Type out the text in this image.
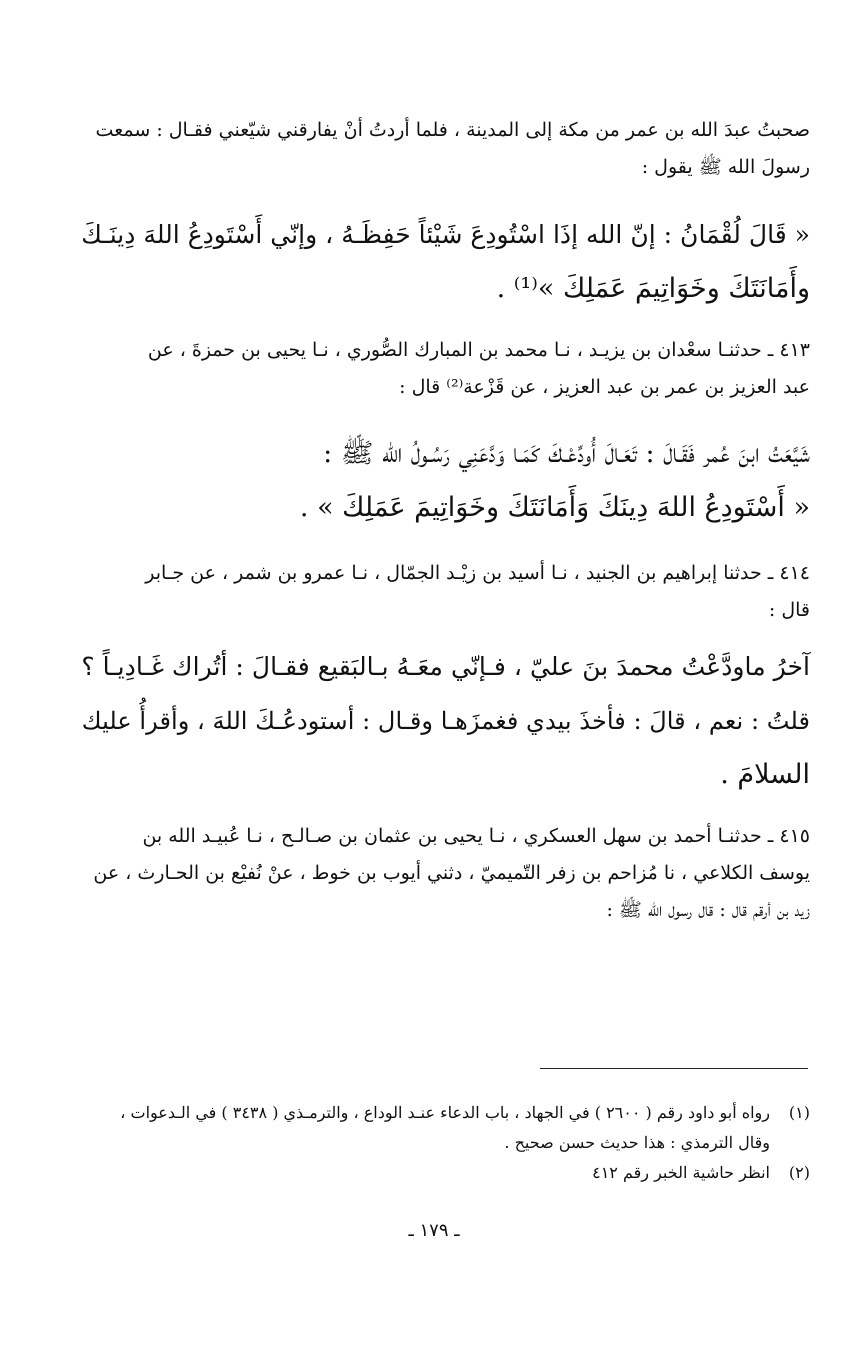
صحبتُ عبدَ الله بن عمر من مكة إلى المدينة ، فلما أردتُ أنْ يفارقني شيّعني فقـال : سمعت
رسولَ الله ﷺ يقول :
« قَالَ لُقْمَانُ : إنّ الله إذَا اسْتُودِعَ شَيْئاً حَفِظَـهُ ، وإنّي أَسْتَودِعُ اللهَ دِينَـكَ
وأَمَانَتَكَ وخَوَاتِيمَ عَمَلِكَ »⁽¹⁾ .
٤١٣ ـ حدثنـا سعْدان بن يزيـد ، نـا محمد بن المبارك الصُّوري ، نـا يحيى بن حمزةَ ، عن
عبد العزيز بن عمر بن عبد العزيز ، عن قَزْعة⁽²⁾ قال :
شَيَّعَتُ ابنَ عُمر فَقَـالَ : تَعَـالَ أُودِّعْـكَ كَمَـا وَدَّعَنِي رَسُـولُ الله ﷺ :
« أَسْتَودِعُ اللهَ دِينَكَ وَأَمَانَتَكَ وخَوَاتِيمَ عَمَلِكَ » .
٤١٤ ـ حدثنا إبراهيم بن الجنيد ، نـا أسيد بن زيْـد الجمّال ، نـا عمرو بن شمر ، عن جـابر
قال :
آخرُ ماودَّعْتُ محمدَ بنَ عليّ ، فـإنّي معَـهُ بـالبَقيع فقـالَ : أتُراك غَـادِيـاً ؟
قلتُ : نعم ، قالَ : فأخذَ بيدي فغمزَهـا وقـال : أستودعُـكَ اللهَ ، وأقرأُ عليك
السلامَ .
٤١٥ ـ حدثنـا أحمد بن سهل العسكري ، نـا يحيى بن عثمان بن صـالـح ، نـا عُبيـد الله بن
يوسف الكلاعي ، نا مُزاحم بن زفر التّميميّ ، دثني أيوب بن خوط ، عنْ نُفيْع بن الحـارث ، عن
زيد بن أرقم قال : قال رسول الله ﷺ :
(١)
رواه أبو داود رقم ( ٢٦٠٠ ) في الجهاد ، باب الدعاء عنـد الوداع ، والترمـذي ( ٣٤٣٨ ) في الـدعوات ،
وقال الترمذي : هذا حديث حسن صحيح .
(٢)
انظر حاشية الخبر رقم ٤١٢
ـ ١٧٩ ـ
